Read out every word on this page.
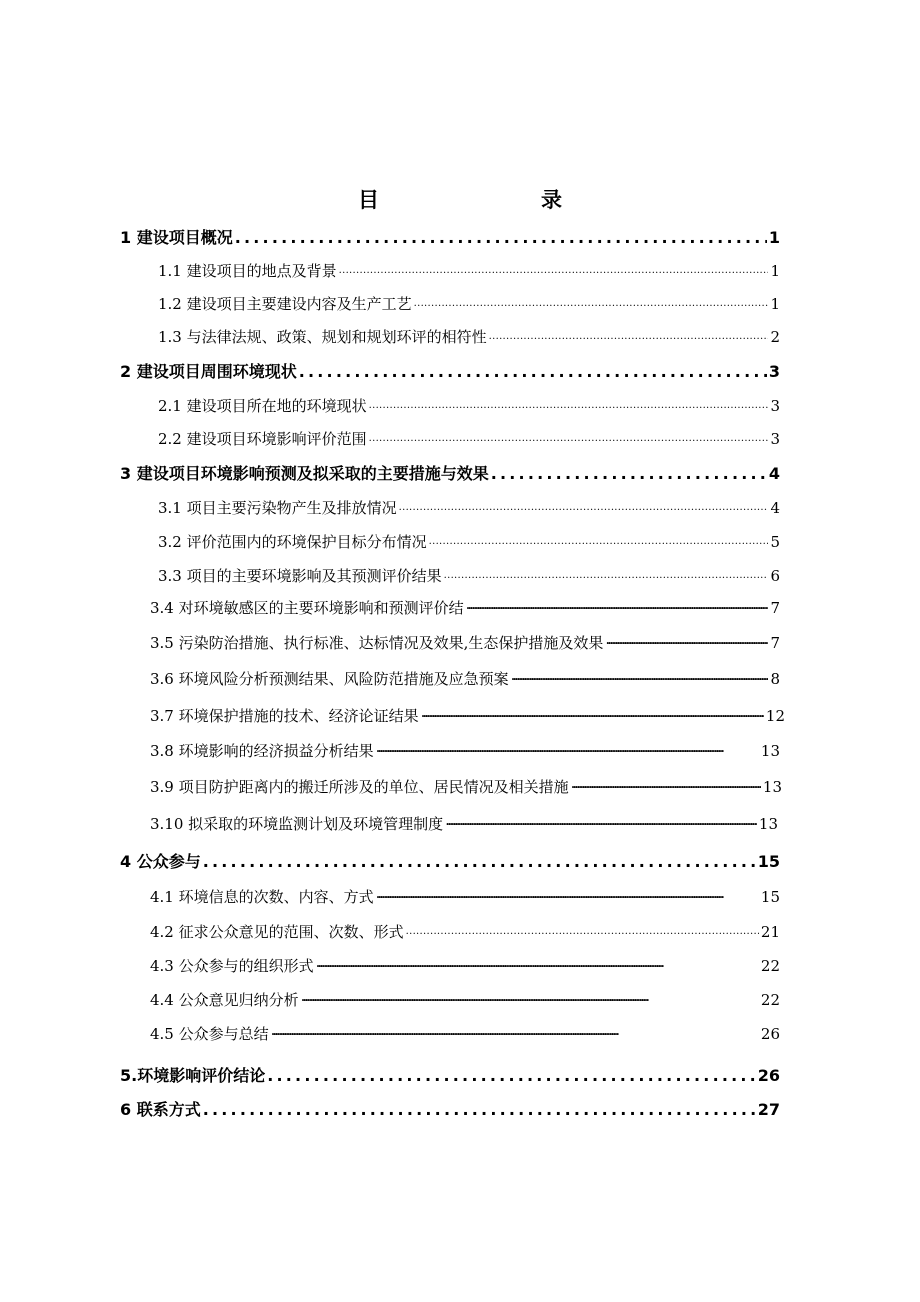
目　　录
1 建设项目概况 .....	1
1.1 建设项目的地点及背景 .....	1
1.2 建设项目主要建设内容及生产工艺 .....	1
1.3 与法律法规、政策、规划和规划环评的相符性 .....	2
2 建设项目周围环境现状 .....	3
2.1 建设项目所在地的环境现状 .....	3
2.2 建设项目环境影响评价范围 .....	3
3 建设项目环境影响预测及拟采取的主要措施与效果 .....	4
3.1 项目主要污染物产生及排放情况 .....	4
3.2 评价范围内的环境保护目标分布情况 .....	5
3.3 项目的主要环境影响及其预测评价结果 .....	6
3.4 对环境敏感区的主要环境影响和预测评价结 ·····	7
3.5 污染防治措施、执行标准、达标情况及效果,生态保护措施及效果 ·····	7
3.6 环境风险分析预测结果、风险防范措施及应急预案 ·····	8
3.7 环境保护措施的技术、经济论证结果 ·····	12
3.8 环境影响的经济损益分析结果 ·····	13
3.9 项目防护距离内的搬迁所涉及的单位、居民情况及相关措施 ·····	13
3.10 拟采取的环境监测计划及环境管理制度 ·····	13
4 公众参与 .....	15
4.1 环境信息的次数、内容、方式 ·····	15
4.2 征求公众意见的范围、次数、形式 .....	21
4.3 公众参与的组织形式 ·····	22
4.4 公众意见归纳分析 ·····	22
4.5 公众参与总结 ·····	26
5.环境影响评价结论 .....	26
6 联系方式 .....	27
